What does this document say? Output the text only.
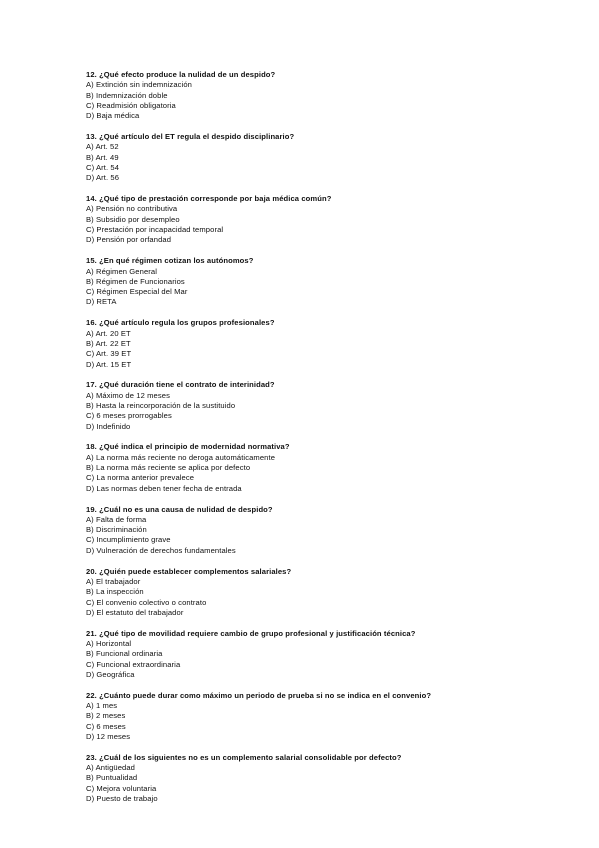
12. ¿Qué efecto produce la nulidad de un despido?
A) Extinción sin indemnización
B) Indemnización doble
C) Readmisión obligatoria
D) Baja médica
13. ¿Qué artículo del ET regula el despido disciplinario?
A) Art. 52
B) Art. 49
C) Art. 54
D) Art. 56
14. ¿Qué tipo de prestación corresponde por baja médica común?
A) Pensión no contributiva
B) Subsidio por desempleo
C) Prestación por incapacidad temporal
D) Pensión por orfandad
15. ¿En qué régimen cotizan los autónomos?
A) Régimen General
B) Régimen de Funcionarios
C) Régimen Especial del Mar
D) RETA
16. ¿Qué artículo regula los grupos profesionales?
A) Art. 20 ET
B) Art. 22 ET
C) Art. 39 ET
D) Art. 15 ET
17. ¿Qué duración tiene el contrato de interinidad?
A) Máximo de 12 meses
B) Hasta la reincorporación de la sustituido
C) 6 meses prorrogables
D) Indefinido
18. ¿Qué indica el principio de modernidad normativa?
A) La norma más reciente no deroga automáticamente
B) La norma más reciente se aplica por defecto
C) La norma anterior prevalece
D) Las normas deben tener fecha de entrada
19. ¿Cuál no es una causa de nulidad de despido?
A) Falta de forma
B) Discriminación
C) Incumplimiento grave
D) Vulneración de derechos fundamentales
20. ¿Quién puede establecer complementos salariales?
A) El trabajador
B) La inspección
C) El convenio colectivo o contrato
D) El estatuto del trabajador
21. ¿Qué tipo de movilidad requiere cambio de grupo profesional y justificación técnica?
A) Horizontal
B) Funcional ordinaria
C) Funcional extraordinaria
D) Geográfica
22. ¿Cuánto puede durar como máximo un periodo de prueba si no se indica en el convenio?
A) 1 mes
B) 2 meses
C) 6 meses
D) 12 meses
23. ¿Cuál de los siguientes no es un complemento salarial consolidable por defecto?
A) Antigüedad
B) Puntualidad
C) Mejora voluntaria
D) Puesto de trabajo
